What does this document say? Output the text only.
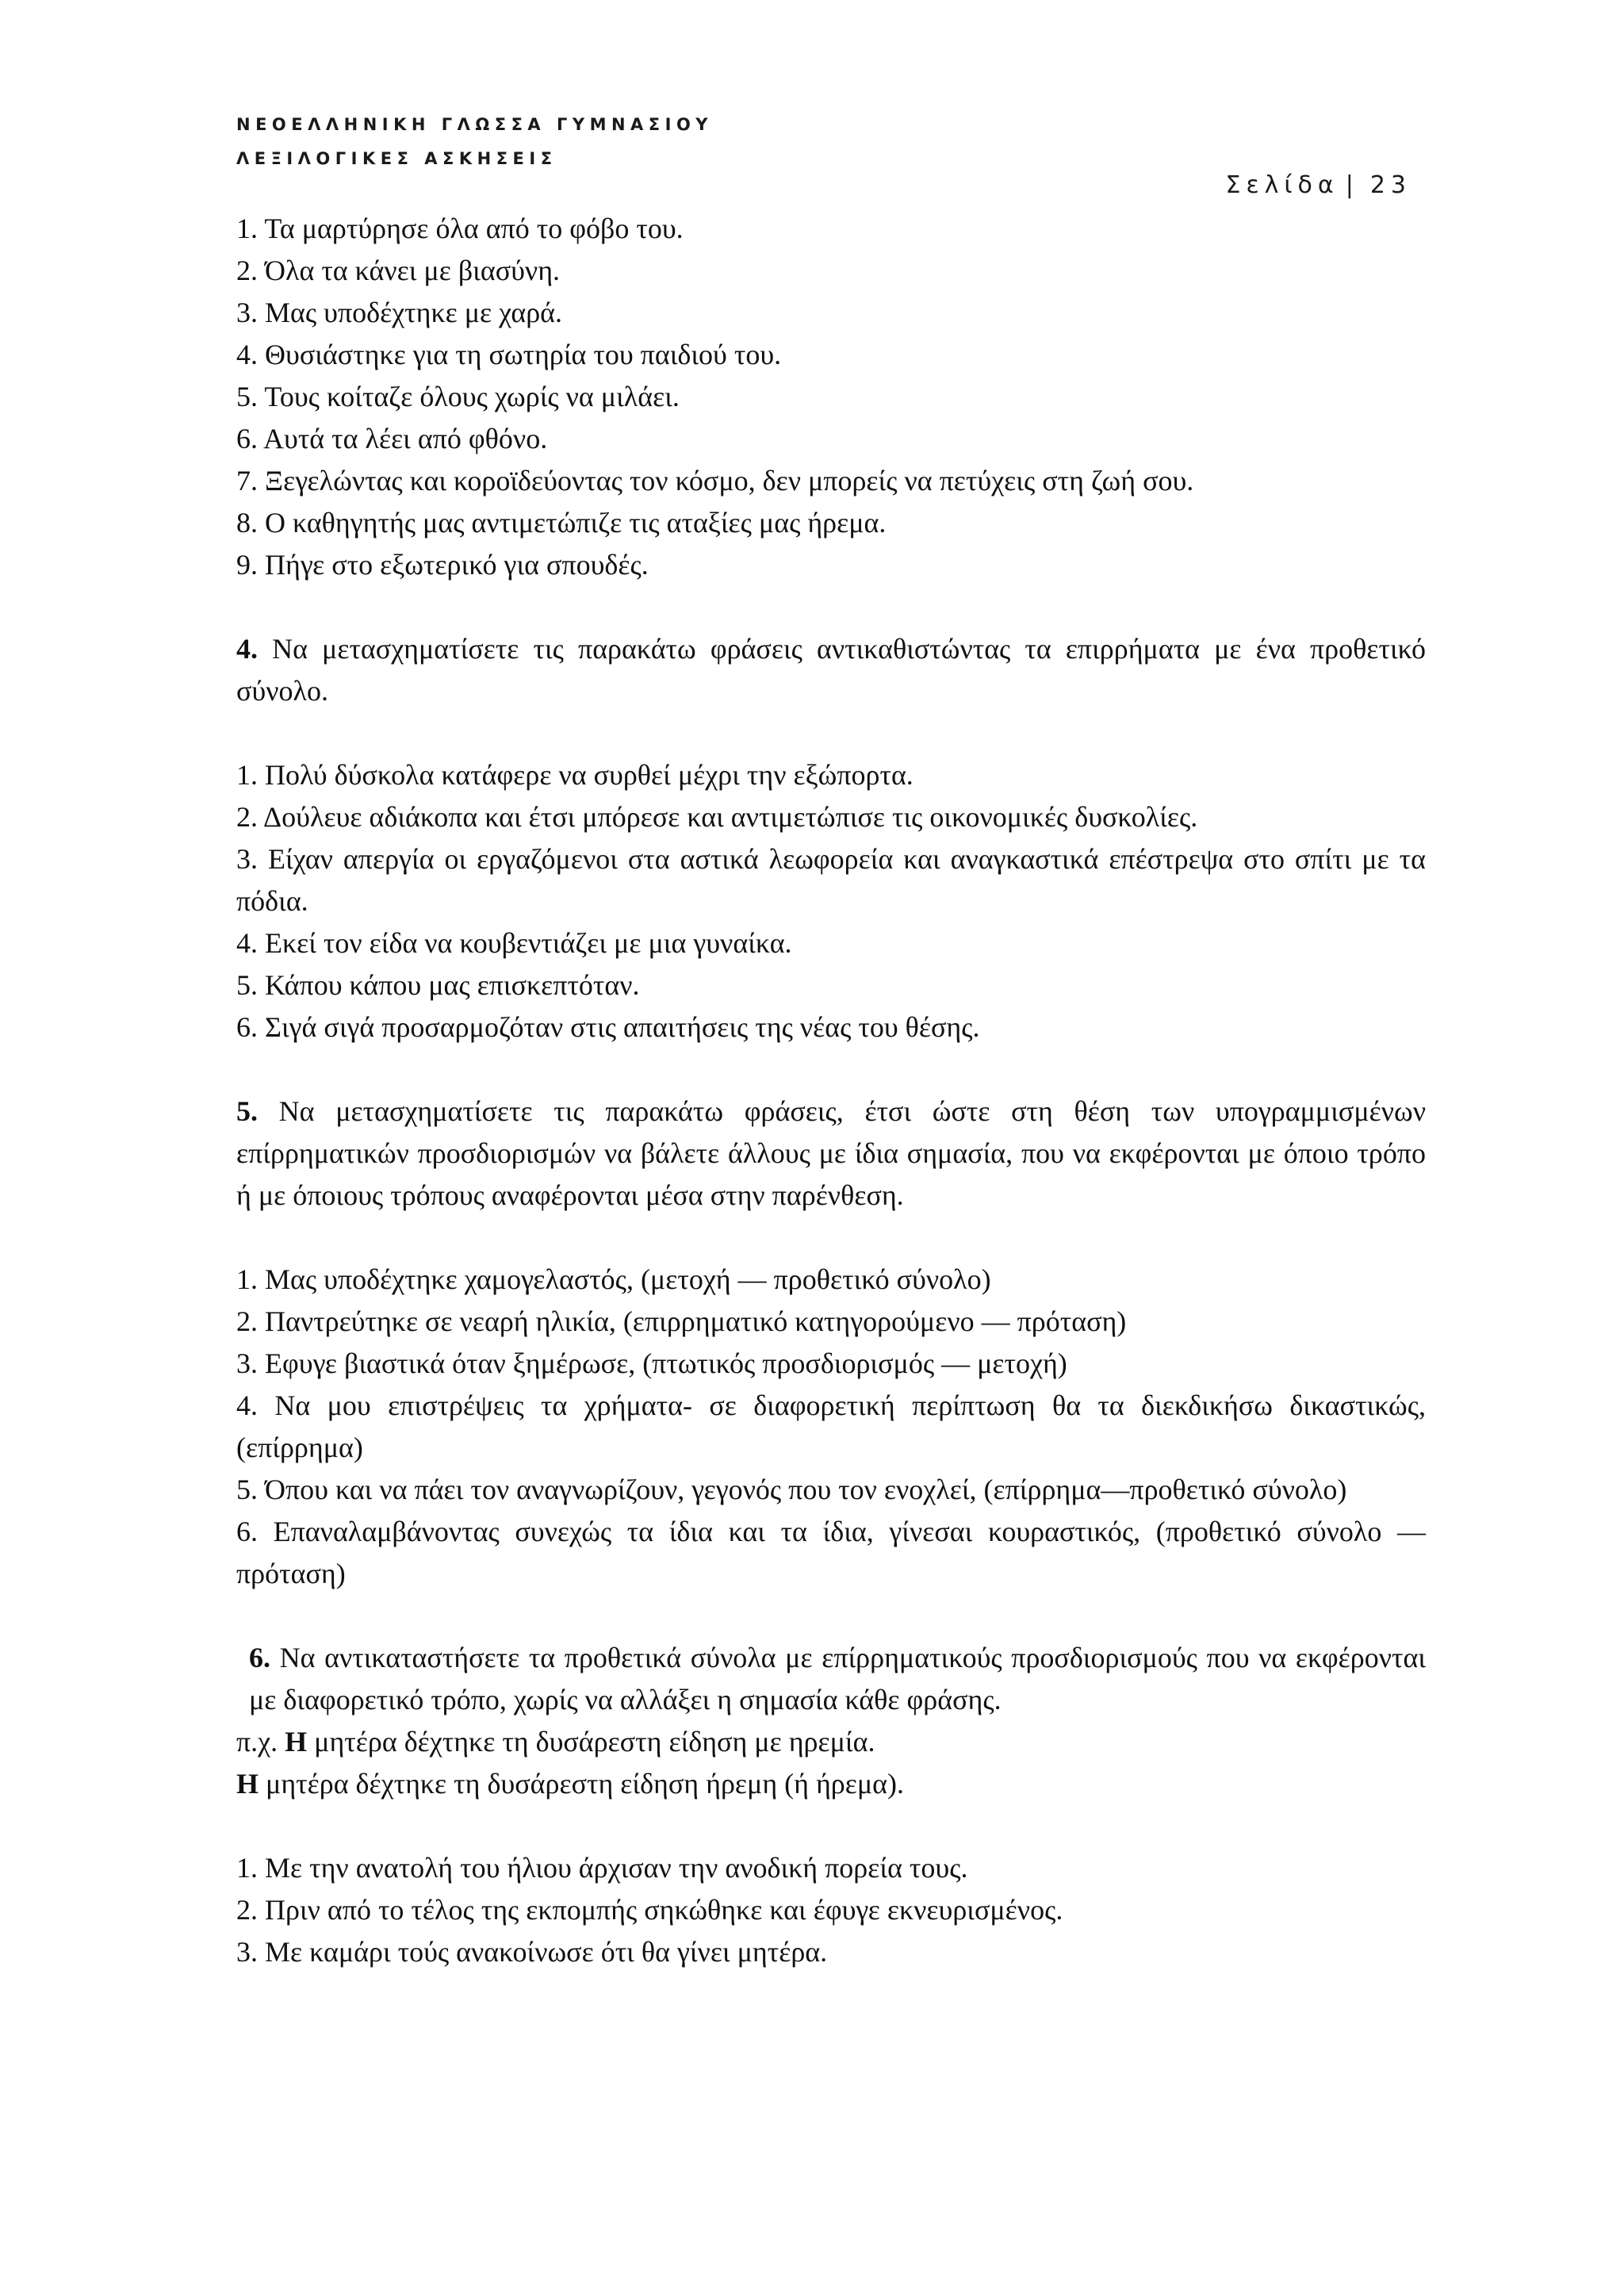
ΝΕΟΕΛΛΗΝΙΚΗ ΓΛΩΣΣΑ ΓΥΜΝΑΣΙΟΥ
ΛΕΞΙΛΟΓΙΚΕΣ ΑΣΚΗΣΕΙΣ
Σελίδα | 23

1. Τα μαρτύρησε όλα από το φόβο του.

2. Όλα τα κάνει με βιασύνη.

3. Μας υποδέχτηκε με χαρά.

4. Θυσιάστηκε για τη σωτηρία του παιδιού του.

5. Τους κοίταζε όλους χωρίς να μιλάει.

6. Αυτά τα λέει από φθόνο.

7. Ξεγελώντας και κοροϊδεύοντας τον κόσμο, δεν μπορείς να πετύχεις στη ζωή σου.

8. Ο καθηγητής μας αντιμετώπιζε τις αταξίες μας ήρεμα.

9. Πήγε στο εξωτερικό για σπουδές.

4. Να μετασχηματίσετε τις παρακάτω φράσεις αντικαθιστώντας τα επιρρήματα με ένα προθετικό σύνολο.

1. Πολύ δύσκολα κατάφερε να συρθεί μέχρι την εξώπορτα.

2. Δούλευε αδιάκοπα και έτσι μπόρεσε και αντιμετώπισε τις οικονομικές δυσκολίες.

3. Είχαν απεργία οι εργαζόμενοι στα αστικά λεωφορεία και αναγκαστικά επέστρεψα στο σπίτι με τα πόδια.

4. Εκεί τον είδα να κουβεντιάζει με μια γυναίκα.

5. Κάπου κάπου μας επισκεπτόταν.

6. Σιγά σιγά προσαρμοζόταν στις απαιτήσεις της νέας του θέσης.

5. Να μετασχηματίσετε τις παρακάτω φράσεις, έτσι ώστε στη θέση των υπογραμμισμένων επίρρηματικών προσδιορισμών να βάλετε άλλους με ίδια σημασία, που να εκφέρονται με όποιο τρόπο ή με όποιους τρόπους αναφέρονται μέσα στην παρένθεση.

1. Μας υποδέχτηκε χαμογελαστός, (μετοχή — προθετικό σύνολο)

2. Παντρεύτηκε σε νεαρή ηλικία, (επιρρηματικό κατηγορούμενο — πρόταση)

3. Εφυγε βιαστικά όταν ξημέρωσε, (πτωτικός προσδιορισμός — μετοχή)

4. Να μου επιστρέψεις τα χρήματα- σε διαφορετική περίπτωση θα τα διεκδικήσω δικαστικώς, (επίρρημα)

5. Όπου και να πάει τον αναγνωρίζουν, γεγονός που τον ενοχλεί, (επίρρημα—προθετικό σύνολο)

6. Επαναλαμβάνοντας συνεχώς τα ίδια και τα ίδια, γίνεσαι κουραστικός, (προθετικό σύνολο —πρόταση)

6. Να αντικαταστήσετε τα προθετικά σύνολα με επίρρηματικούς προσδιορισμούς που να εκφέρονται με διαφορετικό τρόπο, χωρίς να αλλάξει η σημασία κάθε φράσης.

π.χ. Η μητέρα δέχτηκε τη δυσάρεστη είδηση με ηρεμία.

Η μητέρα δέχτηκε τη δυσάρεστη είδηση ήρεμη (ή ήρεμα).

1. Με την ανατολή του ήλιου άρχισαν την ανοδική πορεία τους.

2. Πριν από το τέλος της εκπομπής σηκώθηκε και έφυγε εκνευρισμένος.

3. Με καμάρι τούς ανακοίνωσε ότι θα γίνει μητέρα.
